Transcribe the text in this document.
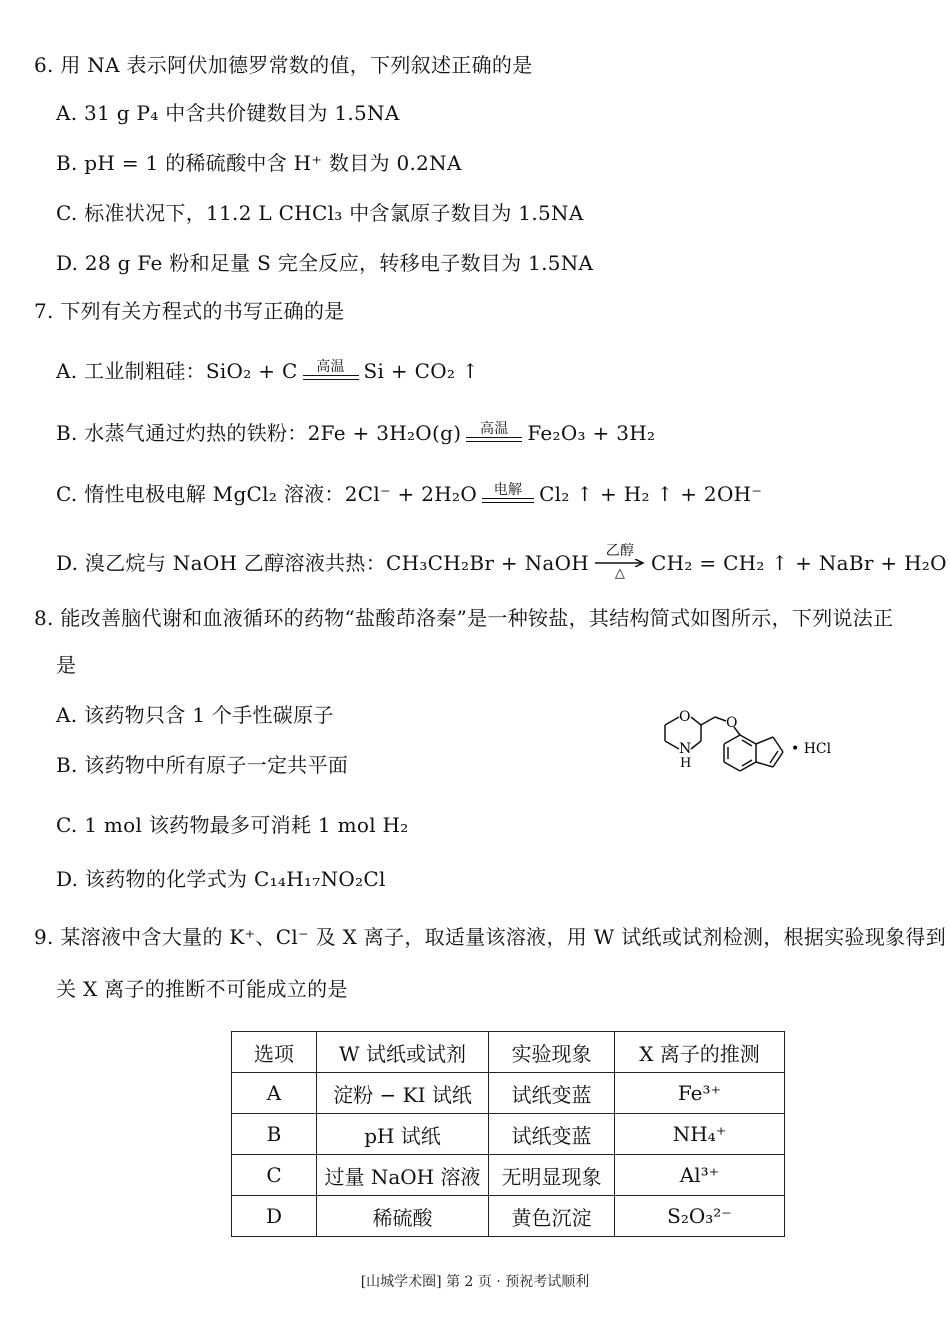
6. 用 NA 表示阿伏加德罗常数的值，下列叙述正确的是
A. 31 g P₄ 中含共价键数目为 1.5NA
B. pH = 1 的稀硫酸中含 H⁺ 数目为 0.2NA
C. 标准状况下，11.2 L CHCl₃ 中含氯原子数目为 1.5NA
D. 28 g Fe 粉和足量 S 完全反应，转移电子数目为 1.5NA
7. 下列有关方程式的书写正确的是
A. 工业制粗硅：SiO₂ + C 高温 Si + CO₂ ↑
B. 水蒸气通过灼热的铁粉：2Fe + 3H₂O(g) 高温 Fe₂O₃ + 3H₂
C. 惰性电极电解 MgCl₂ 溶液：2Cl⁻ + 2H₂O 电解 Cl₂ ↑ + H₂ ↑ + 2OH⁻
D. 溴乙烷与 NaOH 乙醇溶液共热：CH₃CH₂Br + NaOH 乙醇
△ CH₂ = CH₂ ↑ + NaBr + H₂O
8. 能改善脑代谢和血液循环的药物“盐酸茚洛秦”是一种铵盐，其结构简式如图所示，下列说法正
是
A. 该药物只含 1 个手性碳原子
B. 该药物中所有原子一定共平面
C. 1 mol 该药物最多可消耗 1 mol H₂
D. 该药物的化学式为 C₁₄H₁₇NO₂Cl
O	O
N
H
• HCl
9. 某溶液中含大量的 K⁺、Cl⁻ 及 X 离子，取适量该溶液，用 W 试纸或试剂检测，根据实验现象得到
关 X 离子的推断不可能成立的是
选项	W 试纸或试剂	实验现象	X 离子的推测
A	淀粉 − KI 试纸	试纸变蓝	Fe³⁺
B	pH 试纸	试纸变蓝	NH₄⁺
C	过量 NaOH 溶液	无明显现象	Al³⁺
D	稀硫酸	黄色沉淀	S₂O₃²⁻
[山城学术圈] 第 2 页 · 预祝考试顺利
